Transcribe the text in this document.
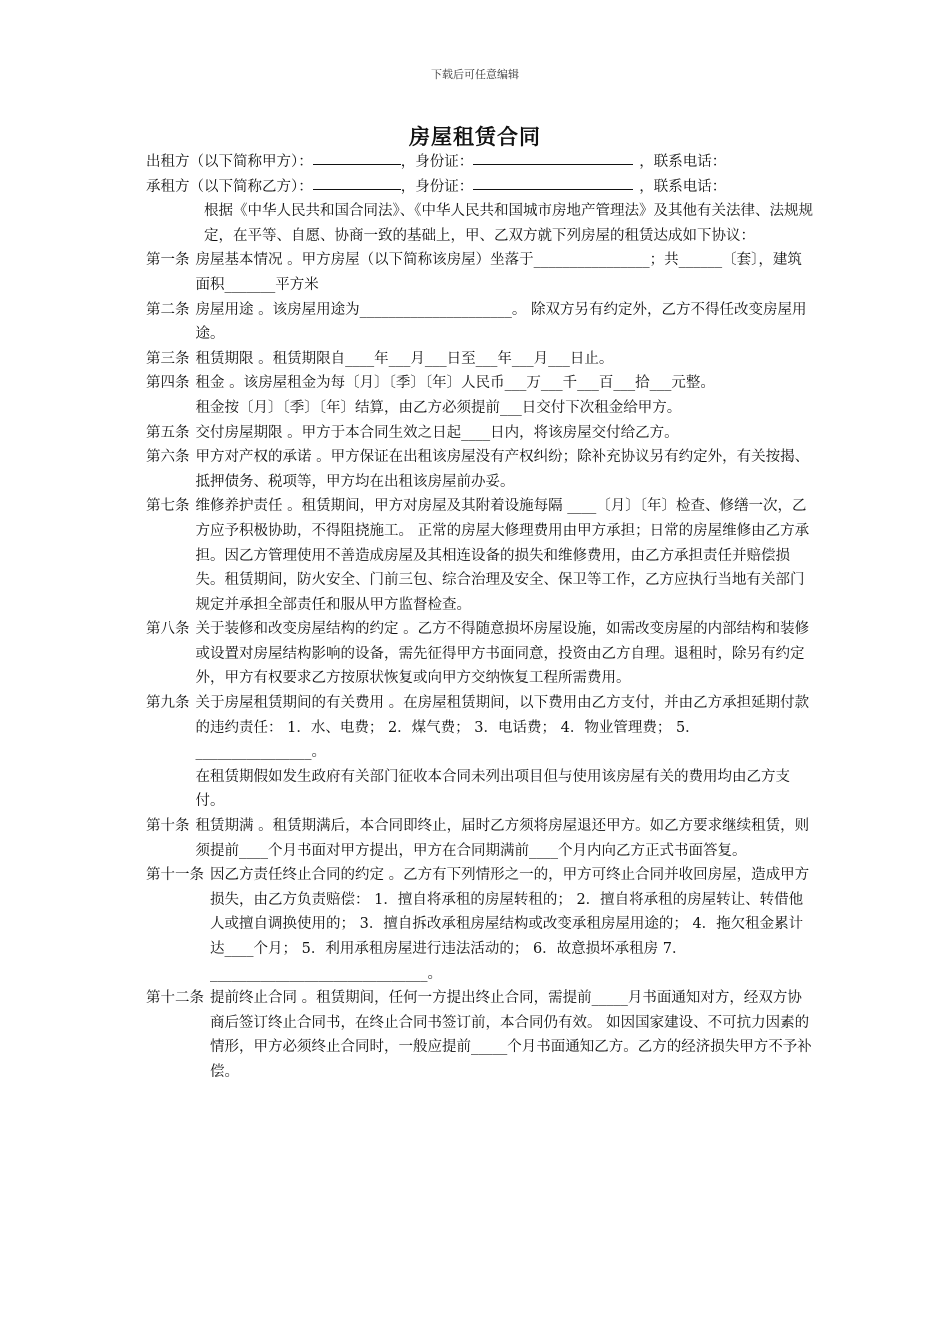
下载后可任意编辑
房屋租赁合同
出租方（以下简称甲方）：	，身份证：	，联系电话：
承租方（以下简称乙方）：	，身份证：	，联系电话：
根据《中华人民共和国合同法》、《中华人民共和国城市房地产管理法》及其他有关法律、法规规定，在平等、自愿、协商一致的基础上，甲、乙双方就下列房屋的租赁达成如下协议：
第一条 房屋基本情况 。甲方房屋（以下简称该房屋）坐落于________________；共______〔套〕，建筑面积_______平方米
第二条 房屋用途 。该房屋用途为_____________________。 除双方另有约定外，乙方不得任改变房屋用途。
第三条 租赁期限 。租赁期限自____年___月___日至___年___月___日止。
第四条 租金 。该房屋租金为每〔月〕〔季〕〔年〕人民币___万___千___百___拾___元整。
租金按〔月〕〔季〕〔年〕结算，由乙方必须提前___日交付下次租金给甲方。
第五条 交付房屋期限 。甲方于本合同生效之日起____日内，将该房屋交付给乙方。
第六条 甲方对产权的承诺 。甲方保证在出租该房屋没有产权纠纷；除补充协议另有约定外，有关按揭、抵押债务、税项等，甲方均在出租该房屋前办妥。
第七条 维修养护责任 。租赁期间，甲方对房屋及其附着设施每隔 ____〔月〕〔年〕检查、修缮一次，乙方应予积极协助，不得阻挠施工。 正常的房屋大修理费用由甲方承担；日常的房屋维修由乙方承担。因乙方管理使用不善造成房屋及其相连设备的损失和维修费用，由乙方承担责任并赔偿损失。租赁期间，防火安全、门前三包、综合治理及安全、保卫等工作，乙方应执行当地有关部门规定并承担全部责任和服从甲方监督检查。
第八条 关于装修和改变房屋结构的约定 。乙方不得随意损坏房屋设施，如需改变房屋的内部结构和装修或设置对房屋结构影响的设备，需先征得甲方书面同意，投资由乙方自理。退租时，除另有约定外，甲方有权要求乙方按原状恢复或向甲方交纳恢复工程所需费用。
第九条 关于房屋租赁期间的有关费用 。在房屋租赁期间，以下费用由乙方支付，并由乙方承担延期付款的违约责任： 1．水、电费； 2．煤气费； 3．电话费； 4．物业管理费； 5．________________。
在租赁期假如发生政府有关部门征收本合同未列出项目但与使用该房屋有关的费用均由乙方支付。
第十条 租赁期满 。租赁期满后，本合同即终止，届时乙方须将房屋退还甲方。如乙方要求继续租赁，则须提前____个月书面对甲方提出，甲方在合同期满前____个月内向乙方正式书面答复。
第十一条 因乙方责任终止合同的约定 。乙方有下列情形之一的，甲方可终止合同并收回房屋，造成甲方损失，由乙方负责赔偿： 1．擅自将承租的房屋转租的； 2．擅自将承租的房屋转让、转借他人或擅自调换使用的； 3．擅自拆改承租房屋结构或改变承租房屋用途的； 4．拖欠租金累计达____个月； 5．利用承租房屋进行违法活动的； 6．故意损坏承租房 7．______________________________。
第十二条 提前终止合同 。租赁期间，任何一方提出终止合同，需提前_____月书面通知对方，经双方协商后签订终止合同书，在终止合同书签订前，本合同仍有效。 如因国家建设、不可抗力因素的情形，甲方必须终止合同时，一般应提前_____个月书面通知乙方。乙方的经济损失甲方不予补偿。
